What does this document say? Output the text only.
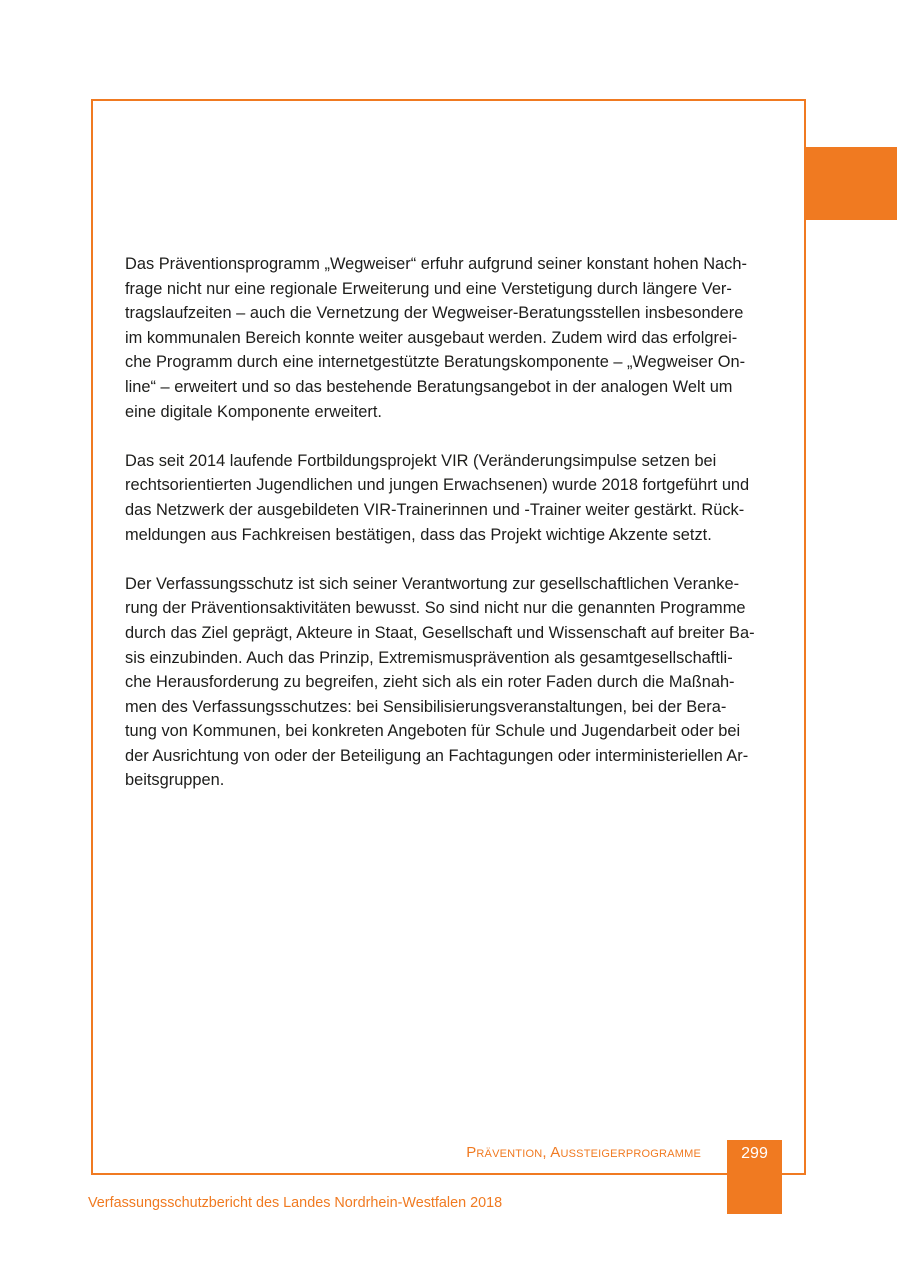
Das Präventionsprogramm „Wegweiser“ erfuhr aufgrund seiner konstant hohen Nach-
frage nicht nur eine regionale Erweiterung und eine Verstetigung durch längere Ver-
tragslaufzeiten – auch die Vernetzung der Wegweiser-Beratungsstellen insbesondere
im kommunalen Bereich konnte weiter ausgebaut werden. Zudem wird das erfolgrei-
che Programm durch eine internetgestützte Beratungskomponente – „Wegweiser On-
line“ – erweitert und so das bestehende Beratungsangebot in der analogen Welt um
eine digitale Komponente erweitert.

Das seit 2014 laufende Fortbildungsprojekt VIR (Veränderungsimpulse setzen bei
rechtsorientierten Jugendlichen und jungen Erwachsenen) wurde 2018 fortgeführt und
das Netzwerk der ausgebildeten VIR-Trainerinnen und -Trainer weiter gestärkt. Rück-
meldungen aus Fachkreisen bestätigen, dass das Projekt wichtige Akzente setzt.

Der Verfassungsschutz ist sich seiner Verantwortung zur gesellschaftlichen Veranke-
rung der Präventionsaktivitäten bewusst. So sind nicht nur die genannten Programme
durch das Ziel geprägt, Akteure in Staat, Gesellschaft und Wissenschaft auf breiter Ba-
sis einzubinden. Auch das Prinzip, Extremismusprävention als gesamtgesellschaftli-
che Herausforderung zu begreifen, zieht sich als ein roter Faden durch die Maßnah-
men des Verfassungsschutzes: bei Sensibilisierungsveranstaltungen, bei der Bera-
tung von Kommunen, bei konkreten Angeboten für Schule und Jugendarbeit oder bei
der Ausrichtung von oder der Beteiligung an Fachtagungen oder interministeriellen Ar-
beitsgruppen.

Prävention, Aussteigerprogramme	299
Verfassungsschutzbericht des Landes Nordrhein-Westfalen 2018
